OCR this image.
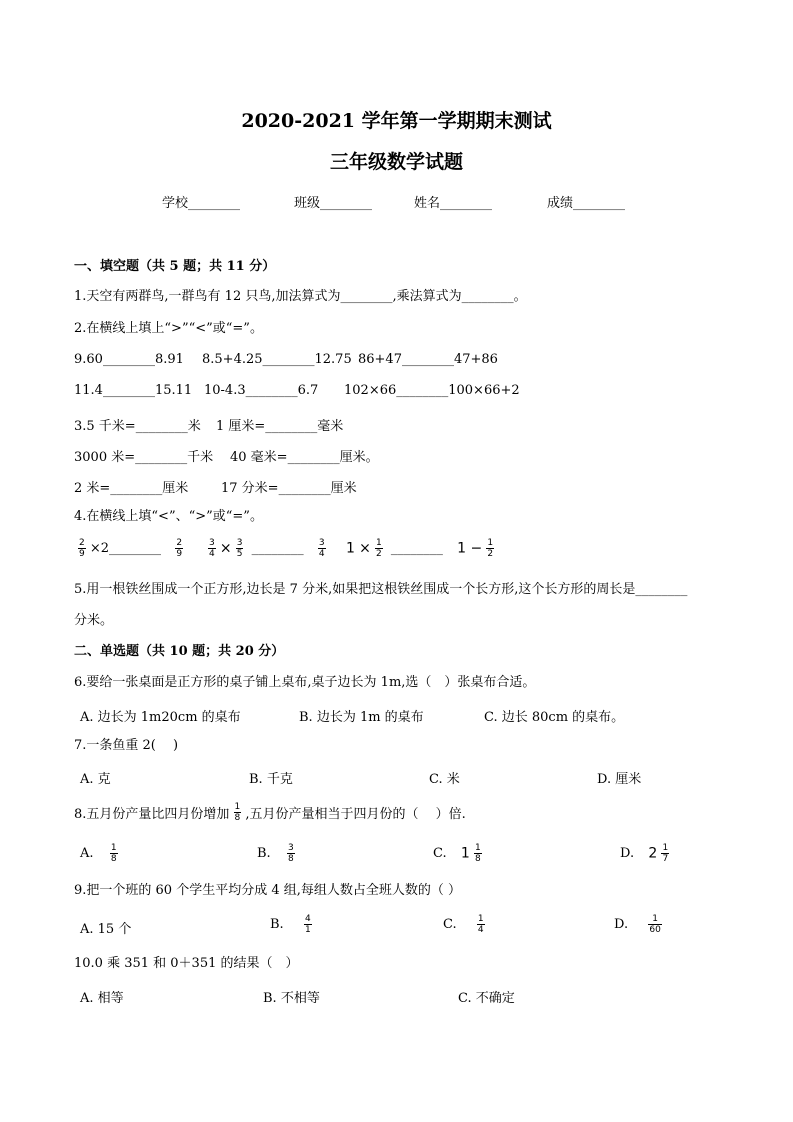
2020-2021 学年第一学期期末测试
三年级数学试题
学校________	班级________	姓名________	成绩________
一、填空题（共 5 题；共 11 分）
1.天空有两群鸟,一群鸟有 12 只鸟,加法算式为________,乘法算式为________。
2.在横线上填上“>”“<”或“=”。
9.60________8.91 8.5+4.25________12.75 86+47________47+86
11.4________15.11 10-4.3________6.7 102×66________100×66+2
3.5 千米=________米 1 厘米=________毫米
3000 米=________千米 40 毫米=________厘米。
2 米=________厘米	17 分米=________厘米
4.在横线上填“<”、“>”或“=”。
$\frac{2}{9}$ ×2________ $\frac{2}{9}$	$\frac{3}{4} \times \frac{3}{5}$ ________ $\frac{3}{4} 1 \times \frac{1}{2}$ ________ $1 - \frac{1}{2}$
5.用一根铁丝围成一个正方形,边长是 7 分米,如果把这根铁丝围成一个长方形,这个长方形的周长是________
分米。
二、单选题（共 10 题；共 20 分）
6.要给一张桌面是正方形的桌子铺上桌布,桌子边长为 1m,选（　）张桌布合适。
A. 边长为 1m20cm 的桌布	B. 边长为 1m 的桌布	C. 边长 80cm 的桌布。
7.一条鱼重 2(　 )
A. 克	B. 千克	C. 米	D. 厘米
8.五月份产量比四月份增加 $\frac{1}{8}$ ,五月份产量相当于四月份的（　 ）倍.
A. $\frac{1}{8}$	B. $\frac{3}{8}$	C. $1 \frac{1}{8}$	D. $2 \frac{1}{7}$
9.把一个班的 60 个学生平均分成 4 组,每组人数占全班人数的（ ）
A. 15 个	B. $\frac{4}{1}$	C. $\frac{1}{4}$	D. $\frac{1}{60}$
10.0 乘 351 和 0＋351 的结果（　）
A. 相等	B. 不相等	C. 不确定
